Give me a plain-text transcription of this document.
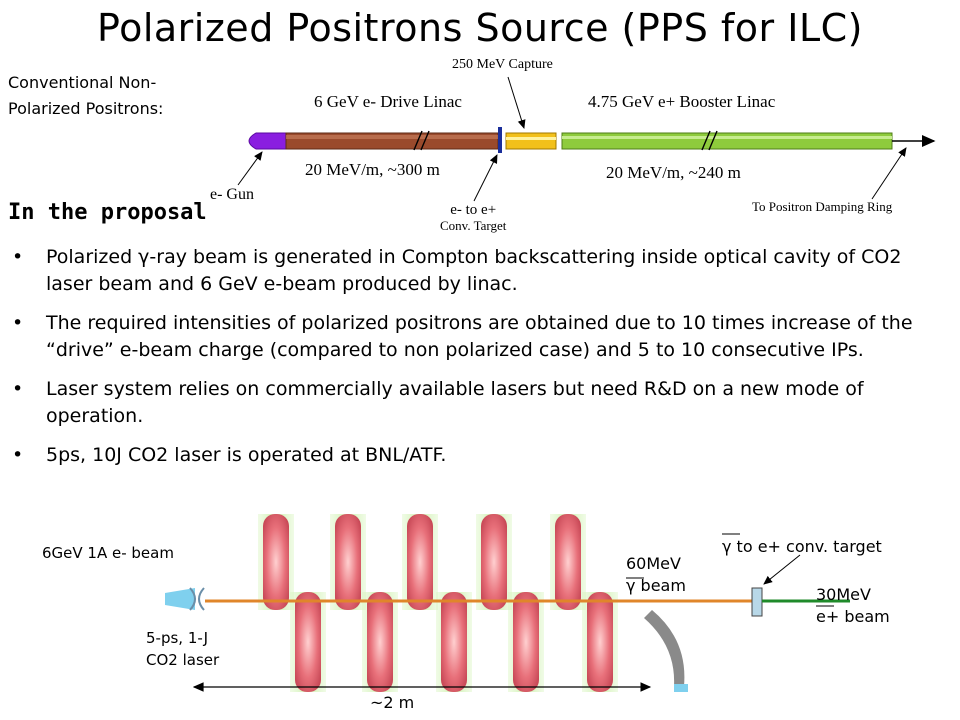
Polarized Positrons Source (PPS for ILC)
Conventional Non-Polarized Positrons:
250 MeV Capture
6 GeV e- Drive Linac	4.75 GeV e+ Booster Linac
20 MeV/m, ~300 m	20 MeV/m, ~240 m
e- Gun
e- to e+
Conv. Target
To Positron Damping Ring
In the proposal
• Polarized γ-ray beam is generated in Compton backscattering inside optical cavity of CO2 laser beam and 6 GeV e-beam produced by linac.
• The required intensities of polarized positrons are obtained due to 10 times increase of the “drive” e-beam charge (compared to non polarized case) and 5 to 10 consecutive IPs.
• Laser system relies on commercially available lasers but need R&D on a new mode of operation.
• 5ps, 10J CO2 laser is operated at BNL/ATF.
6GeV 1A e- beam
5-ps, 1-J
CO2 laser
60MeV
γ beam
γ to e+ conv. target
30MeV
e+ beam
~2 m
